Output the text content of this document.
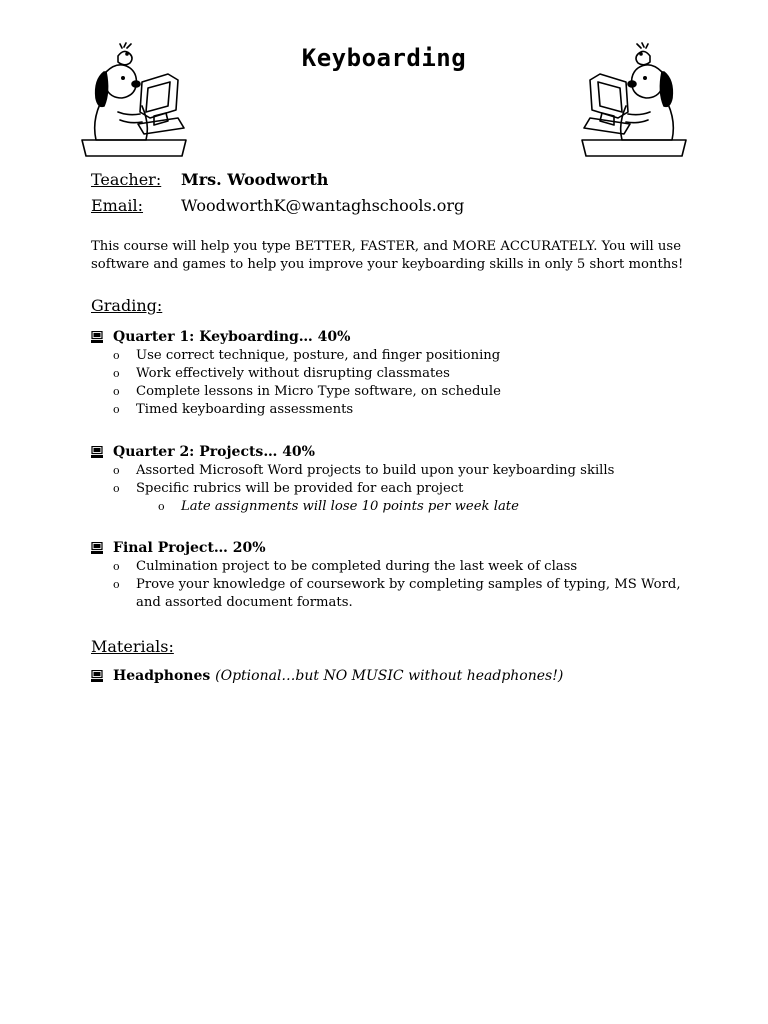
Keyboarding
Teacher: Mrs. Woodworth
Email: WoodworthK@wantaghschools.org
This course will help you type BETTER, FASTER, and MORE ACCURATELY. You will use
software and games to help you improve your keyboarding skills in only 5 short months!
Grading:
Quarter 1: Keyboarding… 40%
o Use correct technique, posture, and finger positioning
o Work effectively without disrupting classmates
o Complete lessons in Micro Type software, on schedule
o Timed keyboarding assessments
Quarter 2: Projects… 40%
o Assorted Microsoft Word projects to build upon your keyboarding skills
o Specific rubrics will be provided for each project
o Late assignments will lose 10 points per week late
Final Project… 20%
o Culmination project to be completed during the last week of class
o Prove your knowledge of coursework by completing samples of typing, MS Word,
and assorted document formats.
Materials:
Headphones (Optional…but NO MUSIC without headphones!)
